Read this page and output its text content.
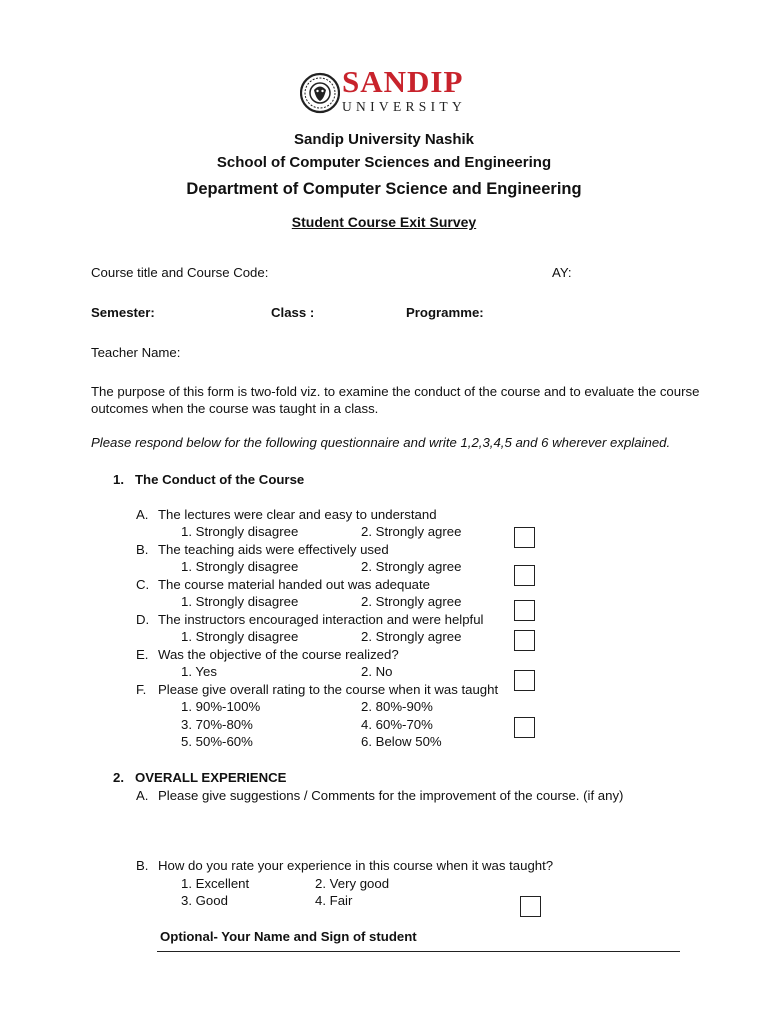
SANDIP
UNIVERSITY
Sandip University Nashik
School of Computer Sciences and Engineering
Department of Computer Science and Engineering
Student Course Exit Survey
Course title and Course Code:	AY:
Semester:	Class :	Programme:
Teacher Name:
The purpose of this form is two-fold viz. to examine the conduct of the course and to evaluate the course
outcomes when the course was taught in a class.
Please respond below for the following questionnaire and write 1,2,3,4,5 and 6 wherever explained.
1. The Conduct of the Course
A. The lectures were clear and easy to understand
1. Strongly disagree	2. Strongly agree
B. The teaching aids were effectively used
1. Strongly disagree	2. Strongly agree
C. The course material handed out was adequate
1. Strongly disagree	2. Strongly agree
D. The instructors encouraged interaction and were helpful
1. Strongly disagree	2. Strongly agree
E. Was the objective of the course realized?
1. Yes	2. No
F. Please give overall rating to the course when it was taught
1. 90%-100%	2. 80%-90%
3. 70%-80%	4. 60%-70%
5. 50%-60%	6. Below 50%
2. OVERALL EXPERIENCE
A. Please give suggestions / Comments for the improvement of the course. (if any)
B. How do you rate your experience in this course when it was taught?
1. Excellent	2. Very good
3. Good	4. Fair
Optional- Your Name and Sign of student
